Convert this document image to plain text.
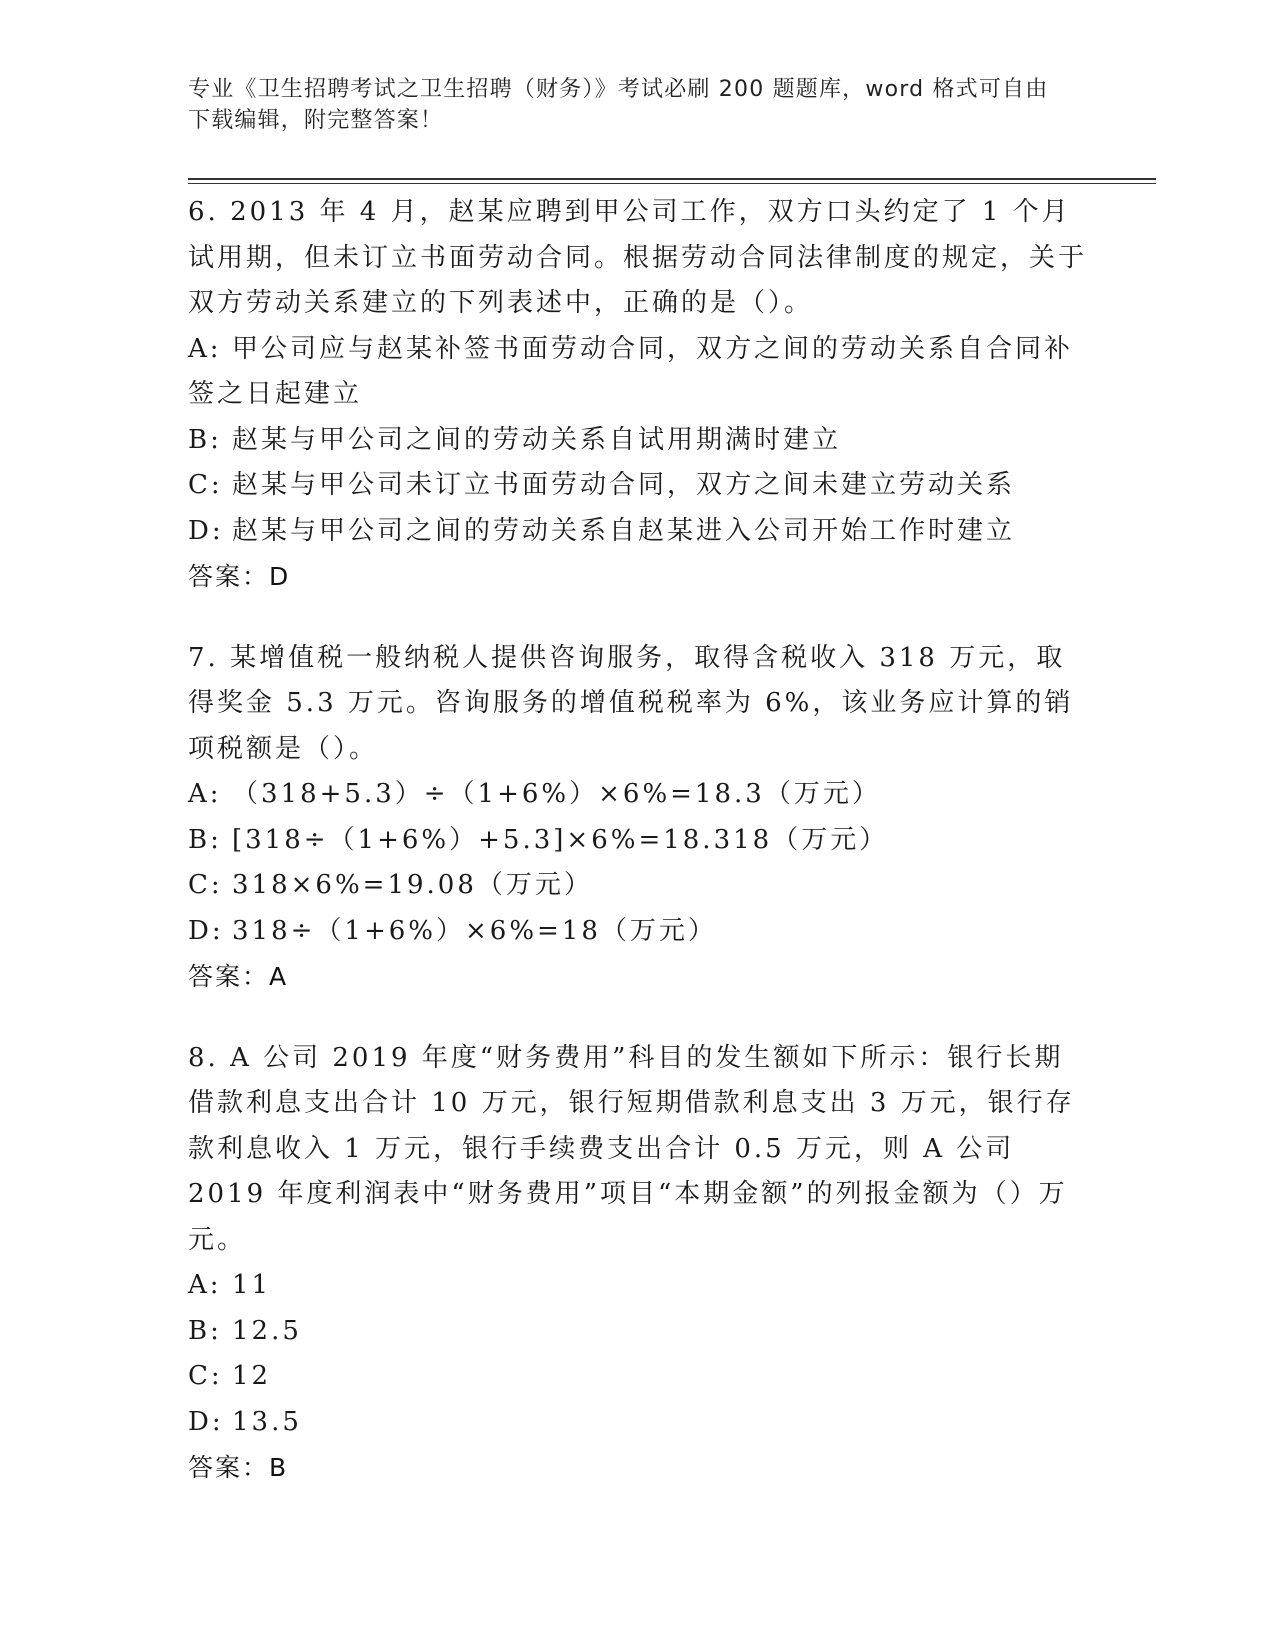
专业《卫生招聘考试之卫生招聘（财务）》考试必刷 200 题题库，word 格式可自由下载编辑，附完整答案！

6. 2013 年 4 月，赵某应聘到甲公司工作，双方口头约定了 1 个月试用期，但未订立书面劳动合同。根据劳动合同法律制度的规定，关于双方劳动关系建立的下列表述中，正确的是（）。

A: 甲公司应与赵某补签书面劳动合同，双方之间的劳动关系自合同补签之日起建立

B: 赵某与甲公司之间的劳动关系自试用期满时建立

C: 赵某与甲公司未订立书面劳动合同，双方之间未建立劳动关系

D: 赵某与甲公司之间的劳动关系自赵某进入公司开始工作时建立

答案：D

7. 某增值税一般纳税人提供咨询服务，取得含税收入 318 万元，取得奖金 5.3 万元。咨询服务的增值税税率为 6%，该业务应计算的销项税额是（）。

A: （318+5.3）÷（1+6%）×6%=18.3（万元）

B: [318÷（1+6%）+5.3]×6%=18.318（万元）

C: 318×6%=19.08（万元）

D: 318÷（1+6%）×6%=18（万元）

答案：A

8. A 公司 2019 年度“财务费用”科目的发生额如下所示：银行长期借款利息支出合计 10 万元，银行短期借款利息支出 3 万元，银行存款利息收入 1 万元，银行手续费支出合计 0.5 万元，则 A 公司 2019 年度利润表中“财务费用”项目“本期金额”的列报金额为（）万元。

A: 11

B: 12.5

C: 12

D: 13.5

答案：B
